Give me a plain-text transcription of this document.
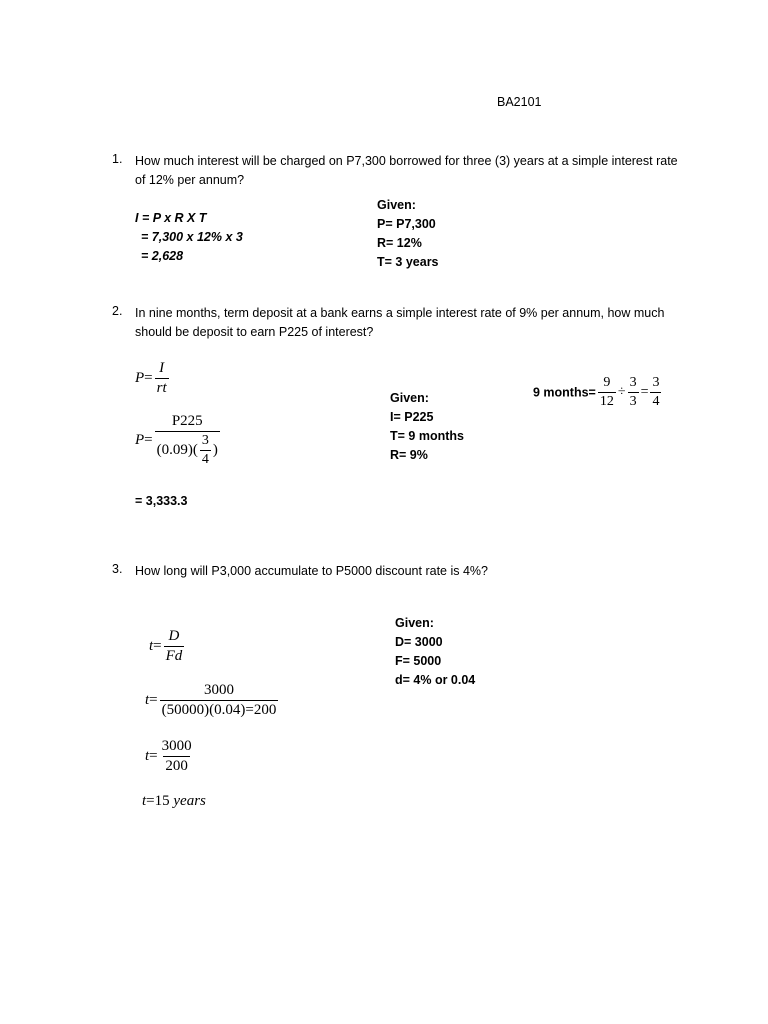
BA2101
1. How much interest will be charged on P7,300 borrowed for three (3) years at a simple interest rate of 12% per annum?
I = P x R X T
= 7,300 x 12% x 3
= 2,628
Given:
P= P7,300
R= 12%
T= 3 years
2. In nine months, term deposit at a bank earns a simple interest rate of 9% per annum, how much should be deposit to earn P225 of interest?
$P= \frac{I}{rt}$
$P= \frac{P225}{(0.09)( \frac{3}{4} )}$
= 3,333.3
Given:
I= P225
T= 9 months
R= 9%
9 months= $\frac{9}{12} \div \frac{3}{3} = \frac{3}{4}$
3. How long will P3,000 accumulate to P5000 discount rate is 4%?
$t= \frac{D}{Fd}$
$t= \frac{3000}{(50000)(0.04)=200}$
$t= \frac{3000}{200}$
t=15 years
Given:
D= 3000
F= 5000
d= 4% or 0.04
